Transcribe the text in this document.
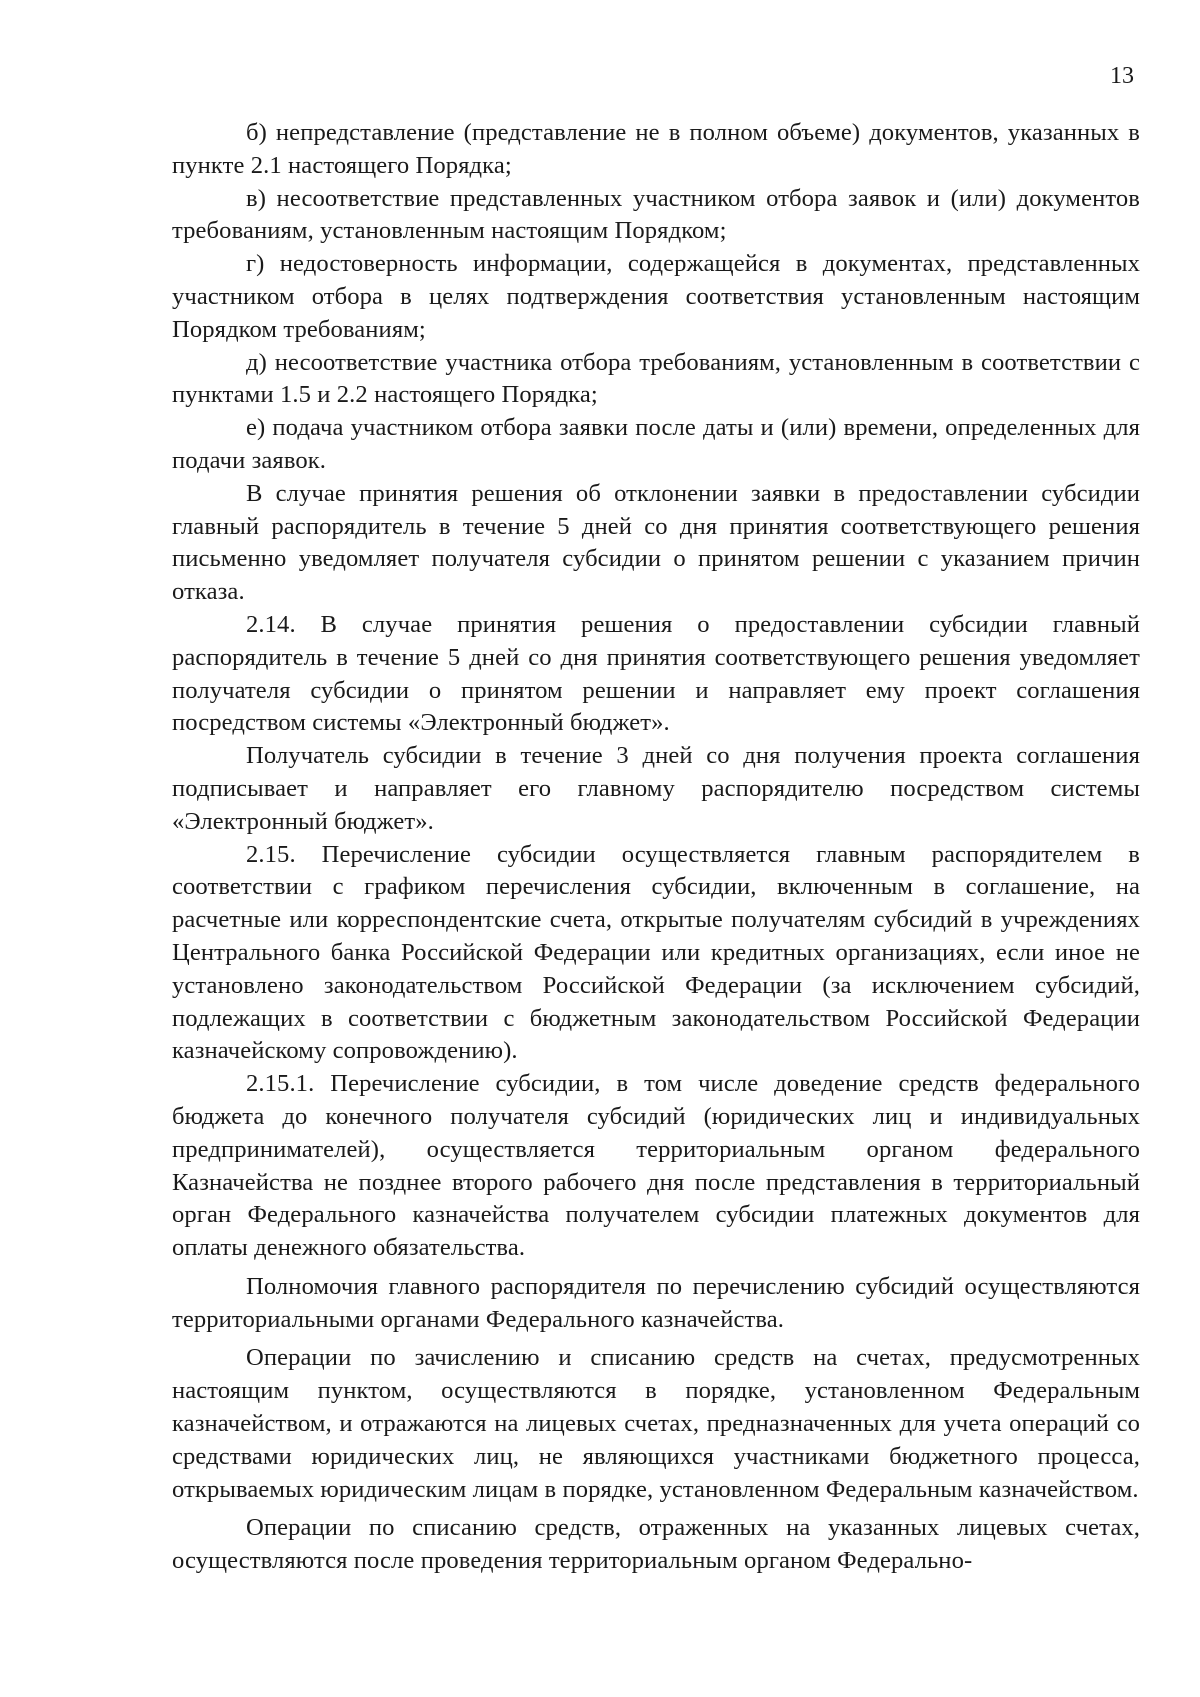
13

б) непредставление (представление не в полном объеме) документов, указанных в пункте 2.1 настоящего Порядка;

в) несоответствие представленных участником отбора заявок и (или) документов требованиям, установленным настоящим Порядком;

г) недостоверность информации, содержащейся в документах, представленных участником отбора в целях подтверждения соответствия установленным настоящим Порядком требованиям;

д) несоответствие участника отбора требованиям, установленным в соответствии с пунктами 1.5 и 2.2 настоящего Порядка;

е) подача участником отбора заявки после даты и (или) времени, определенных для подачи заявок.

В случае принятия решения об отклонении заявки в предоставлении субсидии главный распорядитель в течение 5 дней со дня принятия соответствующего решения письменно уведомляет получателя субсидии о принятом решении с указанием причин отказа.

2.14. В случае принятия решения о предоставлении субсидии главный распорядитель в течение 5 дней со дня принятия соответствующего решения уведомляет получателя субсидии о принятом решении и направляет ему проект соглашения посредством системы «Электронный бюджет».

Получатель субсидии в течение 3 дней со дня получения проекта соглашения подписывает и направляет его главному распорядителю посредством системы «Электронный бюджет».

2.15. Перечисление субсидии осуществляется главным распорядителем в соответствии с графиком перечисления субсидии, включенным в соглашение, на расчетные или корреспондентские счета, открытые получателям субсидий в учреждениях Центрального банка Российской Федерации или кредитных организациях, если иное не установлено законодательством Российской Федерации (за исключением субсидий, подлежащих в соответствии с бюджетным законодательством Российской Федерации казначейскому сопровождению).

2.15.1. Перечисление субсидии, в том числе доведение средств федерального бюджета до конечного получателя субсидий (юридических лиц и индивидуальных предпринимателей), осуществляется территориальным органом федерального Казначейства не позднее второго рабочего дня после представления в территориальный орган Федерального казначейства получателем субсидии платежных документов для оплаты денежного обязательства.

Полномочия главного распорядителя по перечислению субсидий осуществляются территориальными органами Федерального казначейства.

Операции по зачислению и списанию средств на счетах, предусмотренных настоящим пунктом, осуществляются в порядке, установленном Федеральным казначейством, и отражаются на лицевых счетах, предназначенных для учета операций со средствами юридических лиц, не являющихся участниками бюджетного процесса, открываемых юридическим лицам в порядке, установленном Федеральным казначейством.

Операции по списанию средств, отраженных на указанных лицевых счетах, осуществляются после проведения территориальным органом Федерально-
